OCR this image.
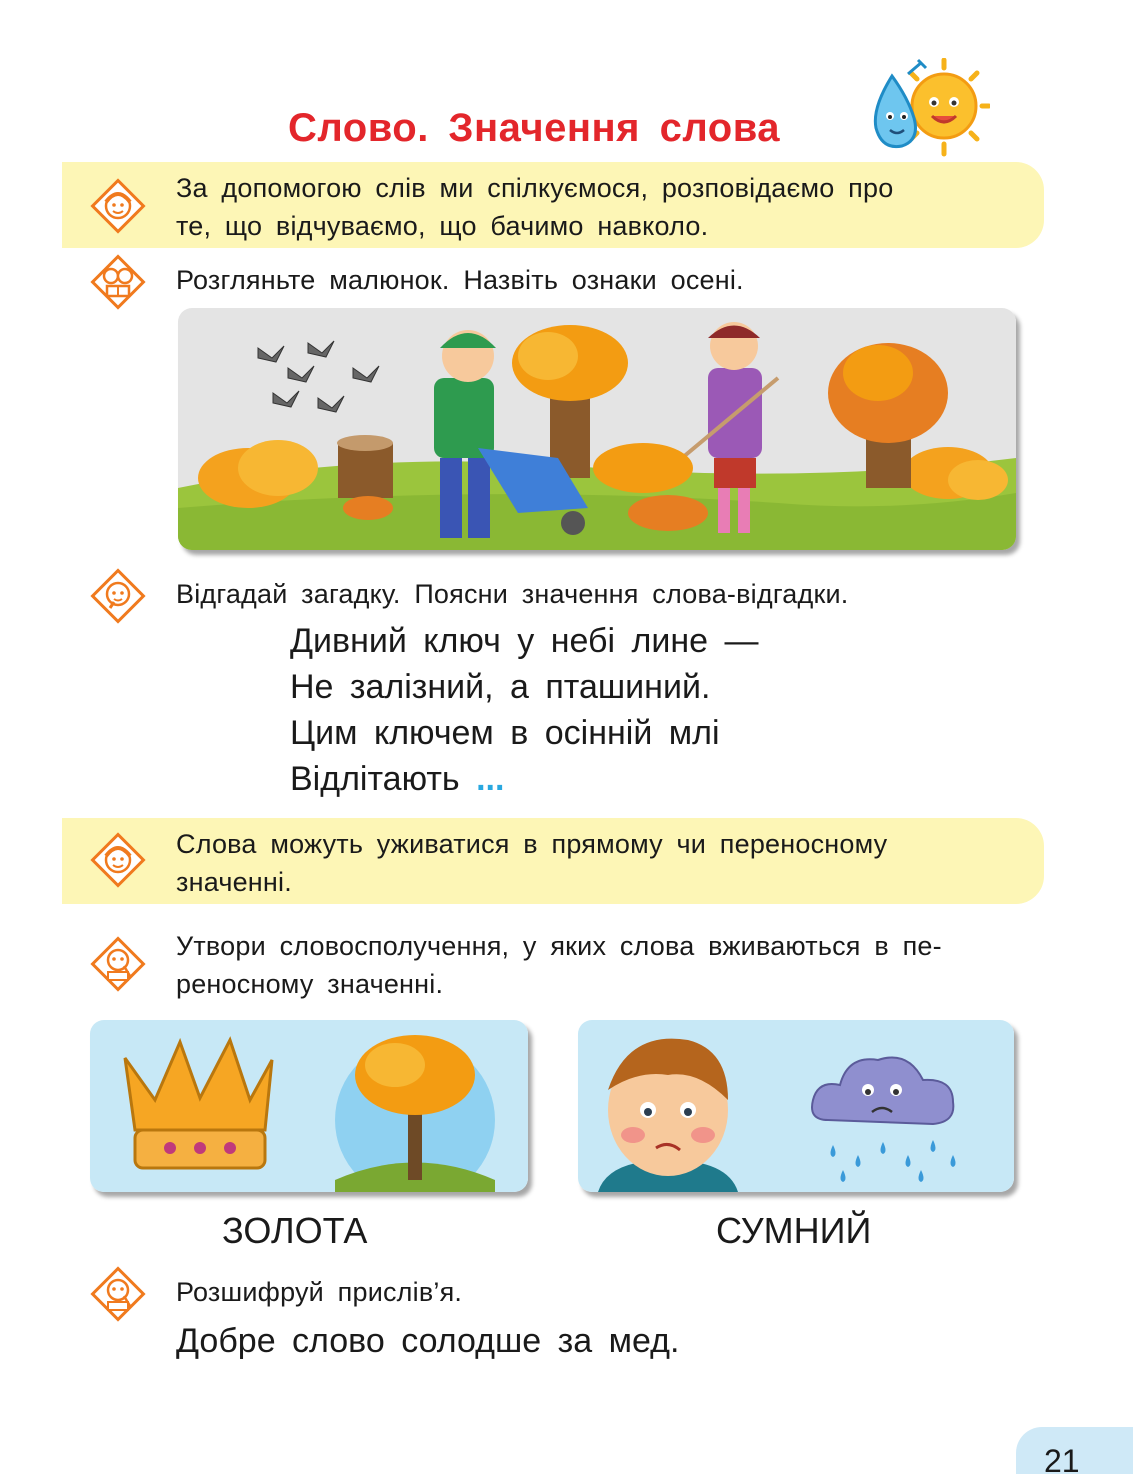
Слово. Значення слова
За допомогою слів ми спілкуємося, розповідаємо про
те, що відчуваємо, що бачимо навколо.
Розгляньте малюнок. Назвіть ознаки осені.
Відгадай загадку. Поясни значення слова-відгадки.
Дивний ключ у небі лине —
Не залізний, а пташиний.
Цим ключем в осінній млі
Відлітають ...
Слова можуть уживатися в прямому чи переносному
значенні.
Утвори словосполучення, у яких слова вживаються в пе-
реносному значенні.
ЗОЛОТА	СУМНИЙ
Розшифруй прислів’я.
Добре слово солодше за мед.
21
